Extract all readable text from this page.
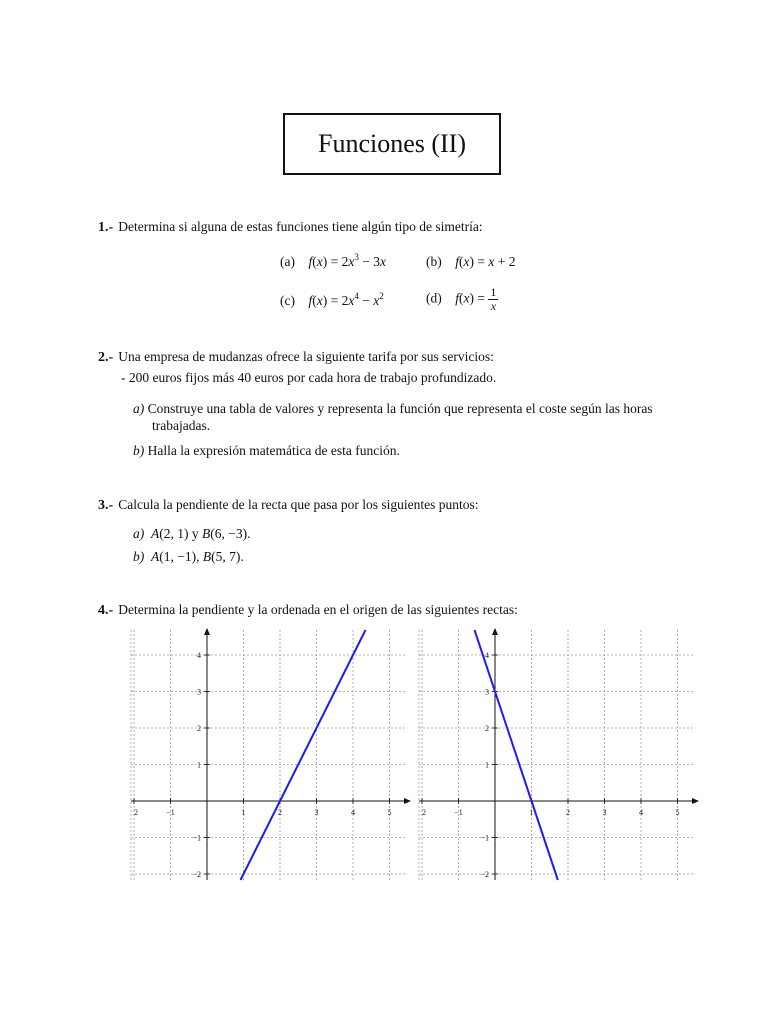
Funciones (II)
1.- Determina si alguna de estas funciones tiene algún tipo de simetría:
(a) $f(x) = 2x^3 - 3x$	(b) f(x) = x + 2
(c) $f(x) = 2x^4 - x^2$	(d) $f(x) = \frac{1}{x}$
2.- Una empresa de mudanzas ofrece la siguiente tarifa por sus servicios:
- 200 euros fijos más 40 euros por cada hora de trabajo profundizado.
a) Construye una tabla de valores y representa la función que representa el coste según las horas
trabajadas.
b) Halla la expresión matemática de esta función.
3.- Calcula la pendiente de la recta que pasa por los siguientes puntos:
a) A(2, 1) y B(6, −3).
b) A(1, −1), B(5, 7).
4.- Determina la pendiente y la ordenada en el origen de las siguientes rectas:
2	−1	1	2	3	4	5
4
3
2
1
−1
−2
2	−1	1	2	3	4	5
4
3
2
1
−1
−2
